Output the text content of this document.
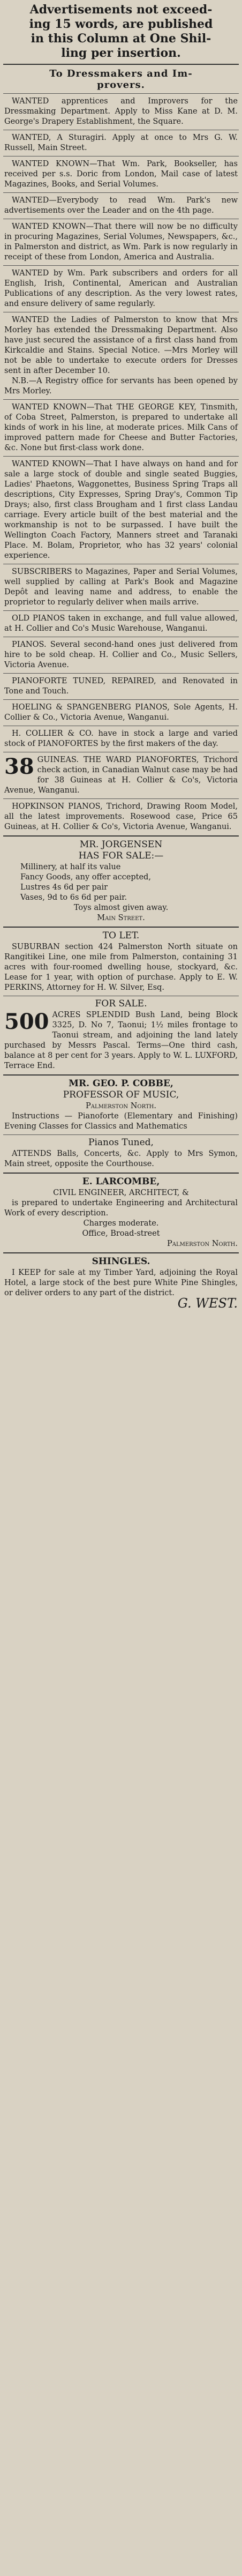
Advertisements not exceed-
ing 15 words, are published
in this Column at One Shil-
ling per insertion.
To Dressmakers and Im-
provers.

WANTED apprentices and Improvers for the Dressmaking Department. Apply to Miss Kane at D. M. George's Drapery Establishment, the Square.

WANTED, A Sturagiri. Apply at once to Mrs G. W. Russell, Main Street.

WANTED KNOWN—That Wm. Park, Bookseller, has received per s.s. Doric from London, Mail case of latest Magazines, Books, and Serial Volumes.

WANTED—Everybody to read Wm. Park's new advertisements over the Leader and on the 4th page.

WANTED KNOWN—That there will now be no difficulty in procuring Magazines, Serial Volumes, Newspapers, &c., in Palmerston and district, as Wm. Park is now regularly in receipt of these from London, America and Australia.

WANTED by Wm. Park subscribers and orders for all English, Irish, Continental, American and Australian Publications of any description. As the very lowest rates, and ensure delivery of same regularly.

WANTED the Ladies of Palmerston to know that Mrs Morley has extended the Dressmaking Department. Also have just secured the assistance of a first class hand from Kirkcaldie and Stains. Special Notice. —Mrs Morley will not be able to undertake to execute orders for Dresses sent in after December 10.

N.B.—A Registry office for servants has been opened by Mrs Morley.

WANTED KNOWN—That THE GEORGE KEY, Tinsmith, of Coba Street, Palmerston, is prepared to undertake all kinds of work in his line, at moderate prices. Milk Cans of improved pattern made for Cheese and Butter Factories, &c. None but first-class work done.

WANTED KNOWN—That I have always on hand and for sale a large stock of double and single seated Buggies, Ladies' Phaetons, Waggonettes, Business Spring Traps all descriptions, City Expresses, Spring Dray's, Common Tip Drays; also, first class Brougham and 1 first class Landau carriage. Every article built of the best material and the workmanship is not to be surpassed. I have built the Wellington Coach Factory, Manners street and Taranaki Place. M. Bolam, Proprietor, who has 32 years' colonial experience.

SUBSCRIBERS to Magazines, Paper and Serial Volumes, well supplied by calling at Park's Book and Magazine Depôt and leaving name and address, to enable the proprietor to regularly deliver when mails arrive.

OLD PIANOS taken in exchange, and full value allowed, at H. Collier and Co's Music Warehouse, Wanganui.

PIANOS. Several second-hand ones just delivered from hire to be sold cheap. H. Collier and Co., Music Sellers, Victoria Avenue.

PIANOFORTE TUNED, REPAIRED, and Renovated in Tone and Touch.

HOELING & SPANGENBERG PIANOS, Sole Agents, H. Collier & Co., Victoria Avenue, Wanganui.

H. COLLIER & CO. have in stock a large and varied stock of PIANOFORTES by the first makers of the day.

38 GUINEAS. THE WARD PIANOFORTES, Trichord check action, in Canadian Walnut case may be had for 38 Guineas at H. Collier & Co's, Victoria Avenue, Wanganui.

HOPKINSON PIANOS, Trichord, Drawing Room Model, all the latest improvements. Rosewood case, Price 65 Guineas, at H. Collier & Co's, Victoria Avenue, Wanganui.

MR. JORGENSEN
HAS FOR SALE:—
Millinery, at half its value
Fancy Goods, any offer accepted,
Lustres 4s 6d per pair
Vases, 9d to 6s 6d per pair.
Toys almost given away.
Main Street.
TO LET.

SUBURBAN section 424 Palmerston North situate on Rangitikei Line, one mile from Palmerston, containing 31 acres with four-roomed dwelling house, stockyard, &c. Lease for 1 year, with option of purchase. Apply to E. W. PERKINS, Attorney for H. W. Silver, Esq.

FOR SALE.
500 ACRES SPLENDID Bush Land, being Block 3325, D. No 7, Taonui; 1½ miles frontage to Taonui stream, and adjoining the land lately purchased by Messrs Pascal. Terms—One third cash, balance at 8 per cent for 3 years. Apply to W. L. LUXFORD, Terrace End.

MR. GEO. P. COBBE,
PROFESSOR OF MUSIC,
Palmerston North.

Instructions — Pianoforte (Elementary and Finishing) Evening Classes for Classics and Mathematics

Pianos Tuned,

ATTENDS Balls, Concerts, &c. Apply to Mrs Symon, Main street, opposite the Courthouse.

E. LARCOMBE,
CIVIL ENGINEER, ARCHITECT, &

is prepared to undertake Engineering and Architectural Work of every description.

Charges moderate.
Office, Broad-street
Palmerston North.
SHINGLES.

I KEEP for sale at my Timber Yard, adjoining the Royal Hotel, a large stock of the best pure White Pine Shingles, or deliver orders to any part of the district.

G. WEST.
